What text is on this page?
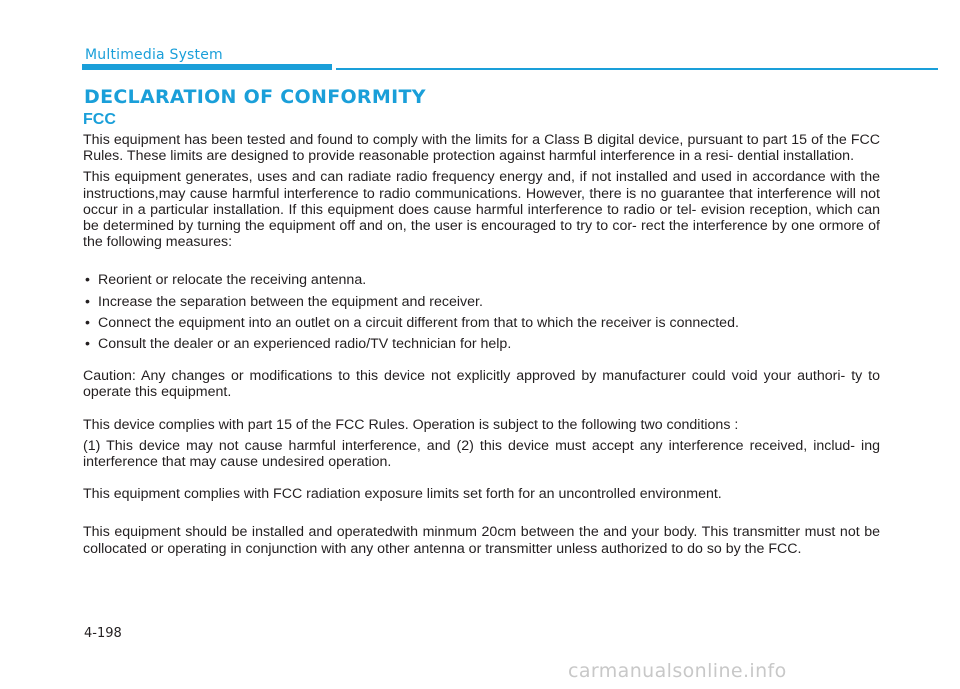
Multimedia System
DECLARATION OF CONFORMITY
FCC

This equipment has been tested and found to comply with the limits for a Class B digital device, pursuant to part 15 of the FCC Rules. These limits are designed to provide reasonable protection against harmful interference in a resi- dential installation.

This equipment generates, uses and can radiate radio frequency energy and, if not installed and used in accordance with the instructions,may cause harmful interference to radio communications. However, there is no guarantee that interference will not occur in a particular installation. If this equipment does cause harmful interference to radio or tel- evision reception, which can be determined by turning the equipment off and on, the user is encouraged to try to cor- rect the interference by one ormore of the following measures:

• Reorient or relocate the receiving antenna.
• Increase the separation between the equipment and receiver.
• Connect the equipment into an outlet on a circuit different from that to which the receiver is connected.
• Consult the dealer or an experienced radio/TV technician for help.

Caution: Any changes or modifications to this device not explicitly approved by manufacturer could void your authori- ty to operate this equipment.

This device complies with part 15 of the FCC Rules. Operation is subject to the following two conditions :

(1) This device may not cause harmful interference, and (2) this device must accept any interference received, includ- ing interference that may cause undesired operation.

This equipment complies with FCC radiation exposure limits set forth for an uncontrolled environment.

This equipment should be installed and operatedwith minmum 20cm between the and your body. This transmitter must not be collocated or operating in conjunction with any other antenna or transmitter unless authorized to do so by the FCC.

4-198
carmanualsonline.info
